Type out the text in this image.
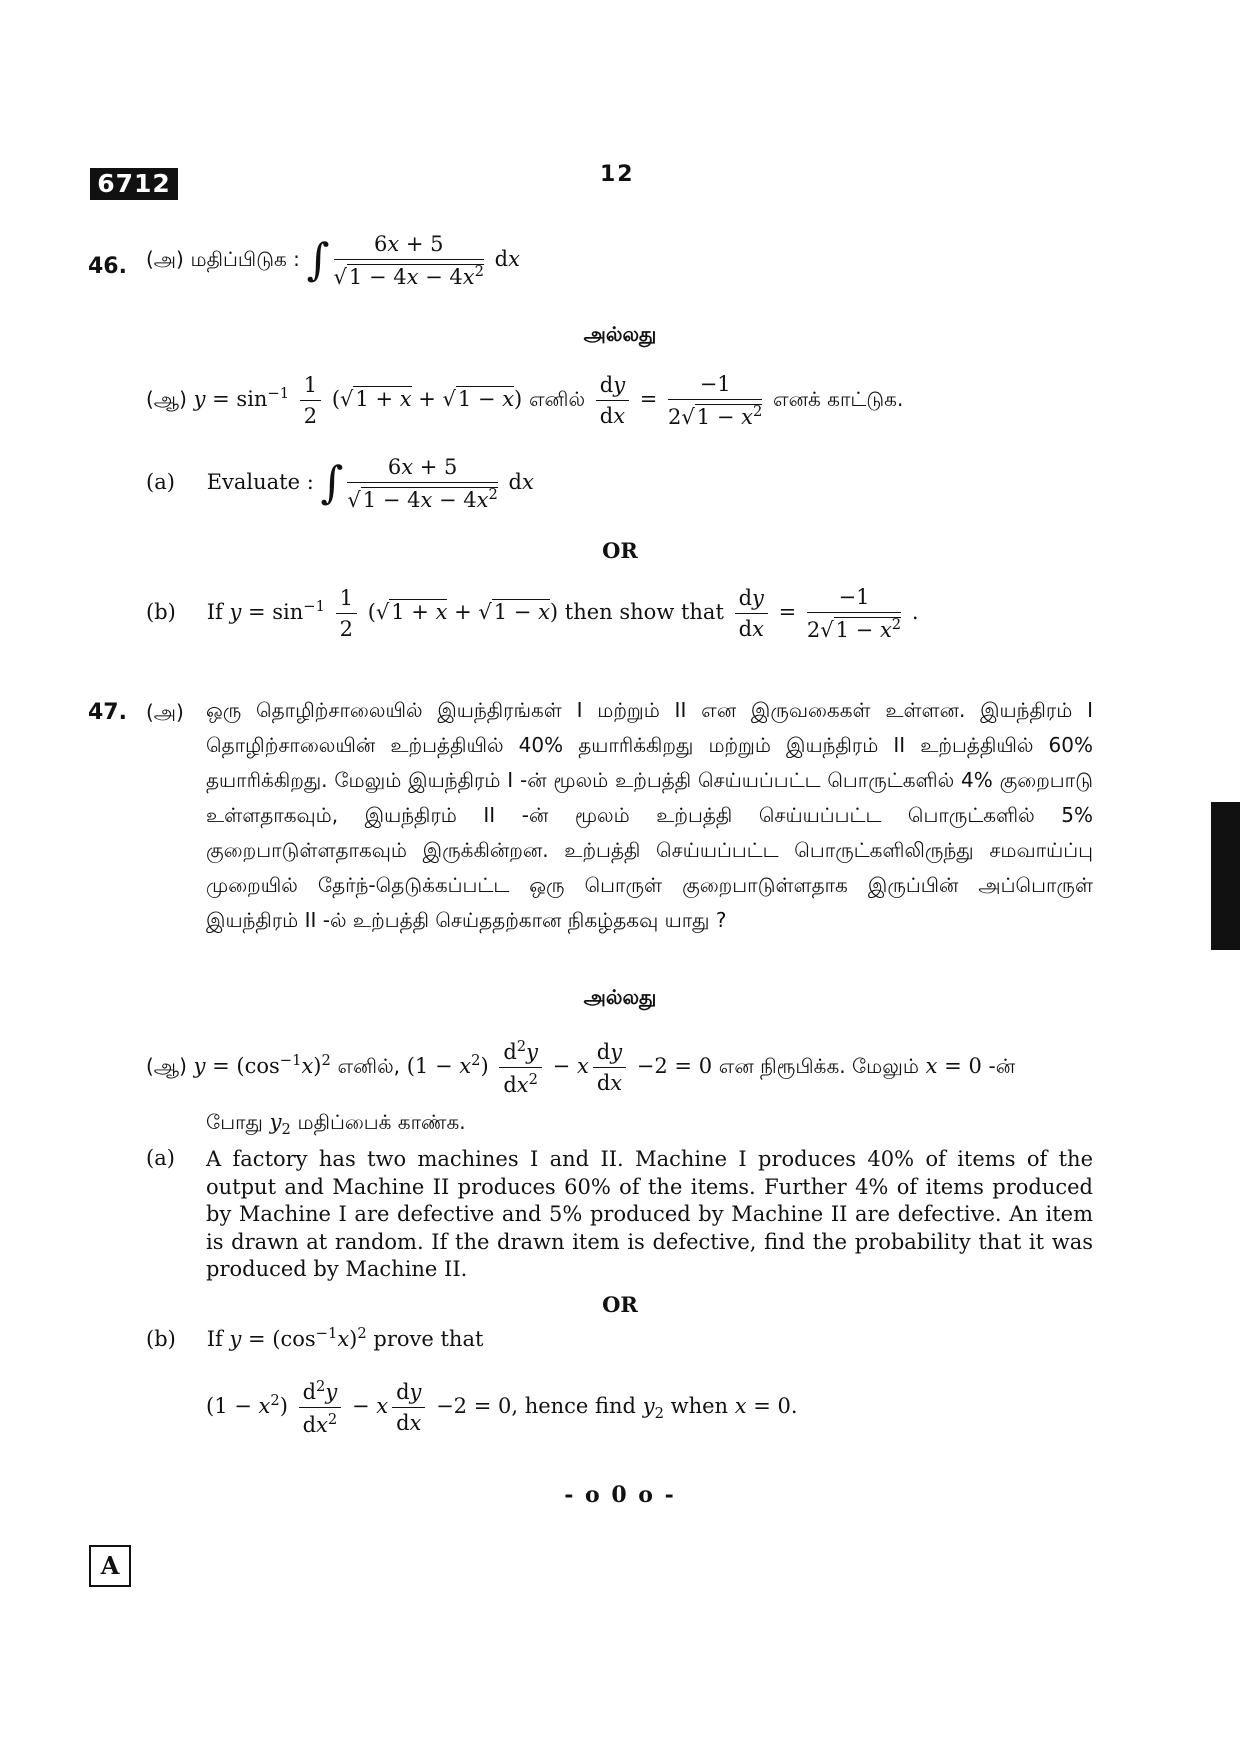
6712	12
46. (அ) மதிப்பிடுக : ∫ $\frac{6x + 5}{√1 - 4x - 4x^2}$ dx
அல்லது
(ஆ) $y = \sin^{-1} \frac{1}{2} (√1 + x + √1 - x)$ எனில் $\frac{dy}{dx} = \frac{-1}{2√1 - x^2}$ எனக் காட்டுக.
(a) Evaluate : ∫ $\frac{6x + 5}{√1 - 4x - 4x^2}$ dx
OR
(b) If $y = \sin^{-1} \frac{1}{2} (√1 + x + √1 - x)$ then show that $\frac{dy}{dx} = \frac{-1}{2√1 - x^2}$ .
47. (அ) ஒரு தொழிற்சாலையில் இயந்திரங்கள் I மற்றும் II என இருவகைகள் உள்ளன. இயந்திரம் I தொழிற்சாலையின் உற்பத்தியில் 40% தயாரிக்கிறது மற்றும் இயந்திரம் II உற்பத்தியில் 60% தயாரிக்கிறது. மேலும் இயந்திரம் I -ன் மூலம் உற்பத்தி செய்யப்பட்ட பொருட்களில் 4% குறைபாடு உள்ளதாகவும், இயந்திரம் II -ன் மூலம் உற்பத்தி செய்யப்பட்ட பொருட்களில் 5% குறைபாடுள்ளதாகவும் இருக்கின்றன. உற்பத்தி செய்யப்பட்ட பொருட்களிலிருந்து சமவாய்ப்பு முறையில் தேர்ந்-தெடுக்கப்பட்ட ஒரு பொருள் குறைபாடுள்ளதாக இருப்பின் அப்பொருள் இயந்திரம் II -ல் உற்பத்தி செய்ததற்கான நிகழ்தகவு யாது ?
அல்லது
(ஆ) $y = (\cos^{-1}x)^2$ எனில், $(1 - x^2) \frac{d^2y}{dx^2} - x \frac{dy}{dx} -2 = 0$ என நிரூபிக்க. மேலும் x = 0 -ன்
போது $y_2$ மதிப்பைக் காண்க.
(a) A factory has two machines I and II. Machine I produces 40% of items of the output and Machine II produces 60% of the items. Further 4% of items produced by Machine I are defective and 5% produced by Machine II are defective. An item is drawn at random. If the drawn item is defective, find the probability that it was produced by Machine II.
OR
(b) If $y = (\cos^{-1}x)^2$ prove that
$(1 - x^2) \frac{d^2y}{dx^2} - x \frac{dy}{dx} -2 = 0$, hence find $y_2$ when x = 0.
- o 0 o -
A
